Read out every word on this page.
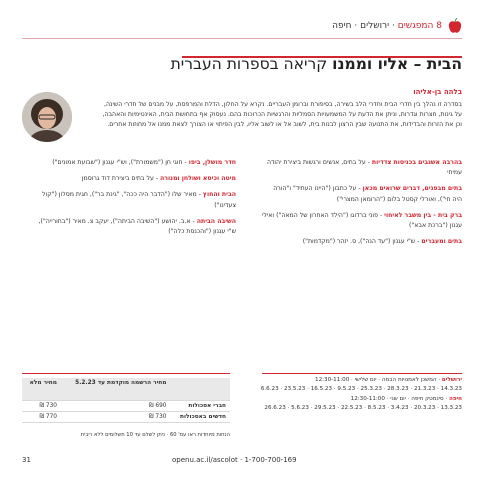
8 המפגשים · ירושלים · חיפה
הבית – אליו וממנו קריאה בספרות העברית
בלהה בן-אליהו
בסדרה זו נהלך בין חדרי הבית וחדרי הלב בשירה, בסיפורת וברומן העבריים. נקרא על החלון, הדלת והמרפסת, על מבנים של חדרי השינה, על גינות, חצרות וגדרות, וניתן את הדעת על המשמעויות הסמליות והרגשיות הכרוכות בהם. נעסוק אף בתחושת הבית, האינטימיות והאהבה, וכן את הזרות והבדידות, את התנועה שבין הרצון לבנות בית, לשוב אל או לשוב אליו, לבין הפיתוי או הצורך לצאת ממנו אל מחוזות אחרים.
בהרבה אשנבים בכניסות צדדיות - על בתים, אנשים ורגשות ביצירת יהודה עמיחי
בתים מבפנים, דברים שרואים מכאן - על כתבון ("היינו העתיד" ו"הורה היה חי"), ואורלי קסטל בלום ("הרומאן המצרי")
ברק בית - בין משבר לאיחוי - פוני ברדוגו ("הילד האחרון של המאה") ואילי עגנון ("ברכת אבא")
בתים ומעברים - ש"י עגנון ("עד הנה"), ס. יזהר ("מקדמות")
חדר מושלן, ביפו - חוגי חן ("משמורת"), וש"י עגנון ("שבועת אמונים")
מיטה וכיסא ושולחן ומנורה - על בתים ביצירת דוד גרוסמן
הבית והחוץ - מאיר שלו ("הדבר היה ככה", "גינת בר"), חגית מסלון ("קול צעדינו")
השיבה הביתה - א.ב. יהושע ("השיבה הביתה"), יעקב צ. מאיר ("בחורייה"), ש"י עגנון ("והכנסת כלה")
ירושלים · המשכן לאמנויות הבמה · יום שלישי · 12:30-11:00
14.3.23 · 21.3.23 · 28.3.23 · 25.3.23 · 9.5.23 · 16.5.23 · 23.5.23 · 6.6.23
חיפה · סינמטק חיפה · יום שני · 12:30-11:00
13.3.23 · 20.3.23 · 3.4.23 · 8.5.23 · 22.5.23 · 29.5.23 · 5.6.23 · 26.6.23
	מחיר הרשמה מוקדמת עד 5.2.23	מחיר מלא
חברי אסכולות	690 ₪	730 ₪
חדשים באסכולות	730 ₪	770 ₪
הנחות מיוחדות ראו עמ' 60 · ניתן לשלם עד 10 תשלומים ללא ריבית
31	openu.ac.il/ascolot · 1-700-700-169
